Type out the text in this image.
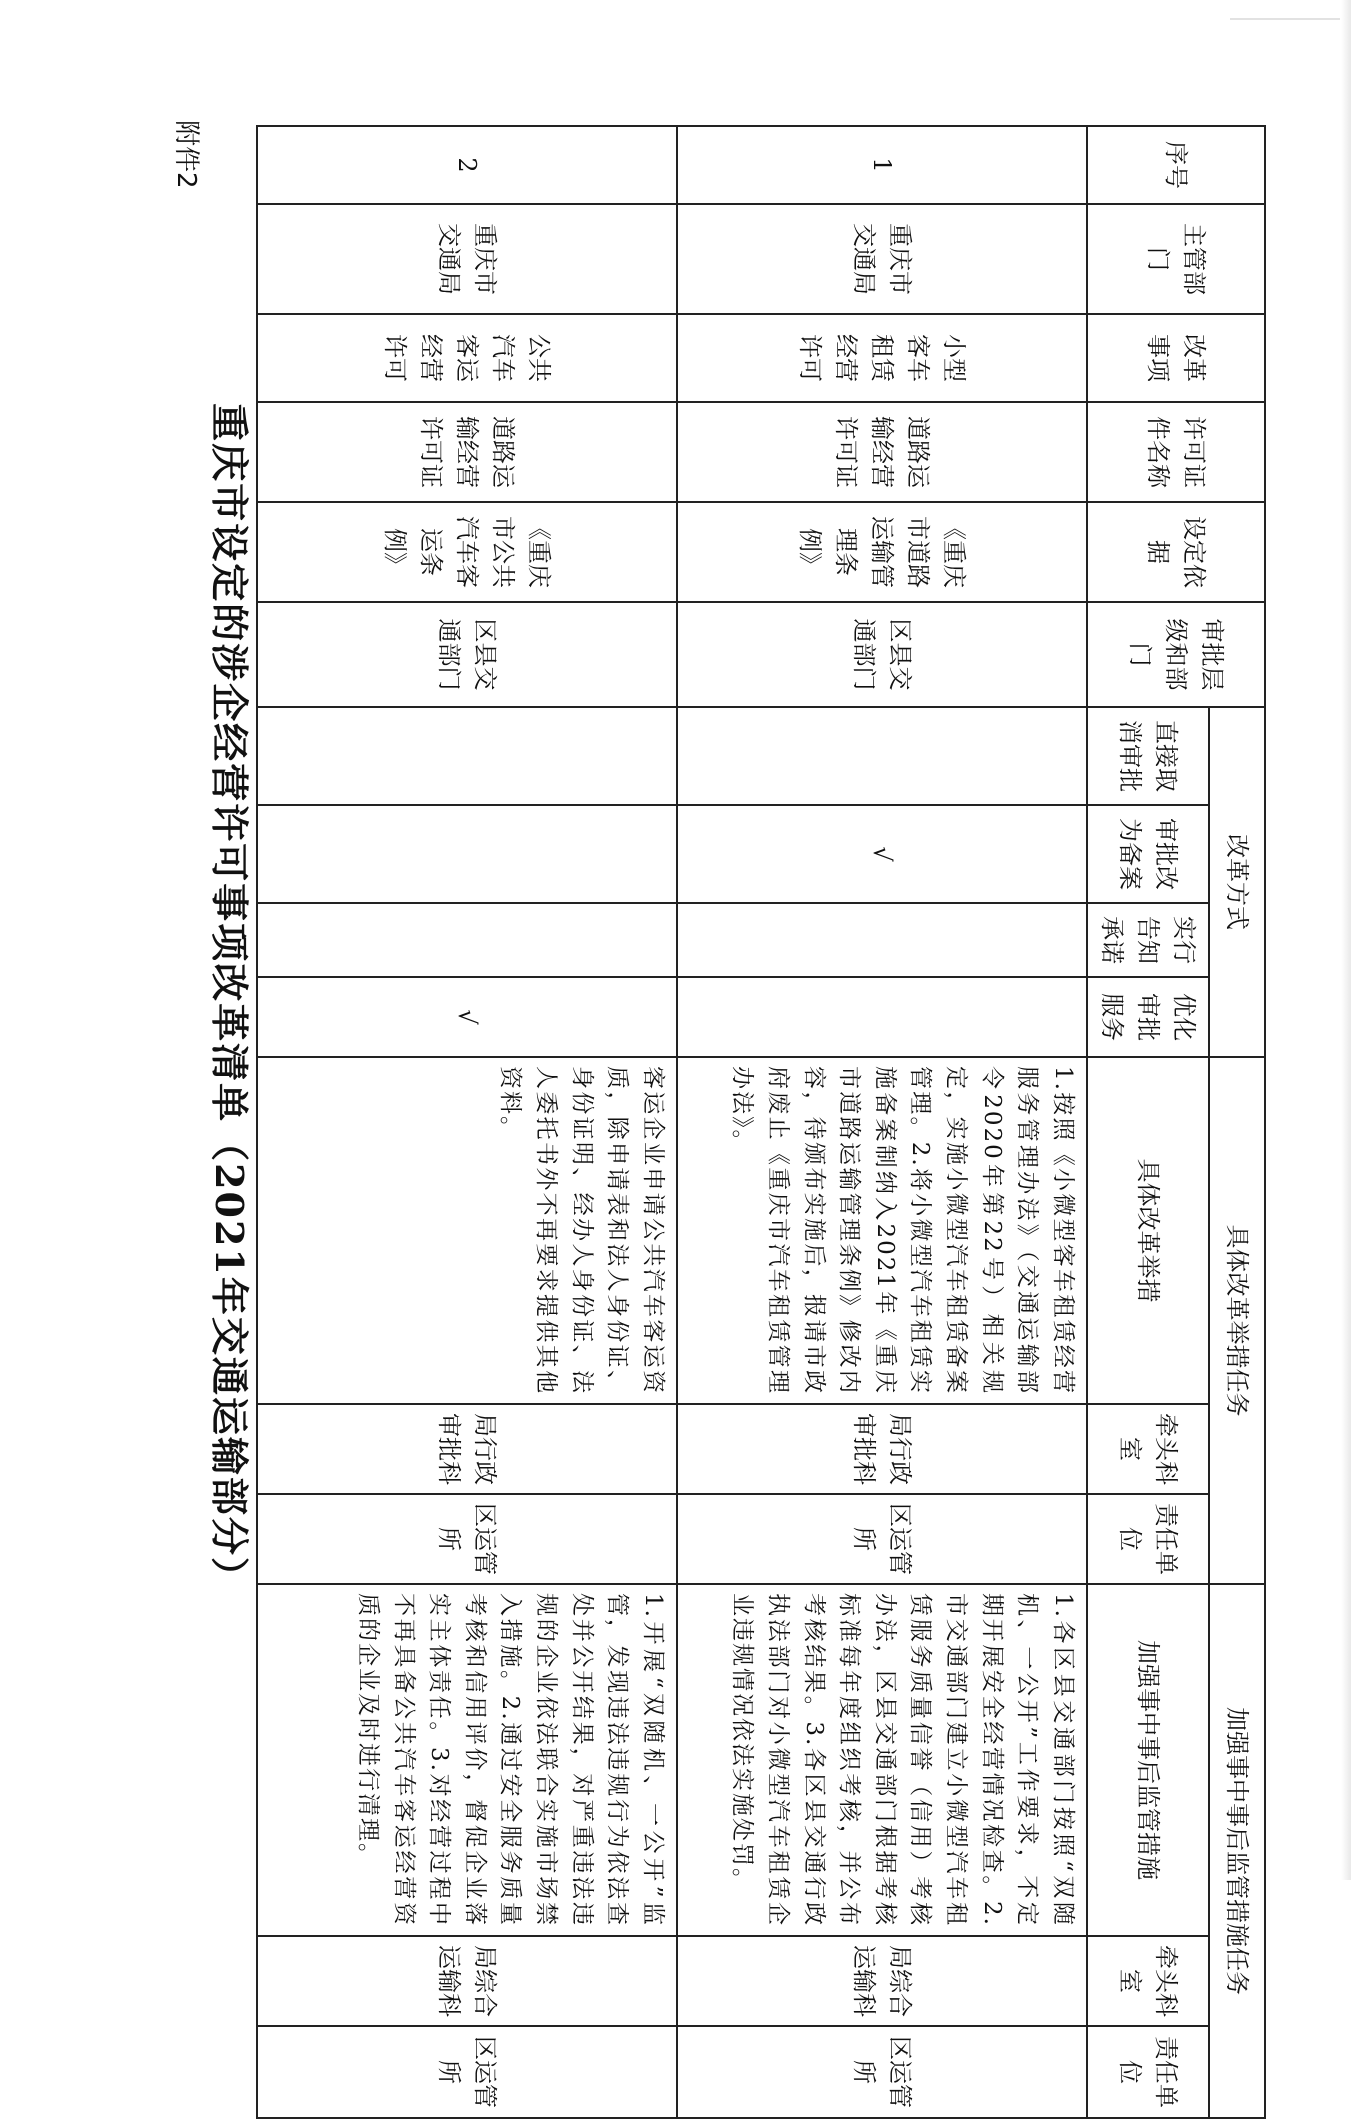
附件2
重庆市设定的涉企经营许可事项改革清单（2021年交通运输部分）
序号	主管部门	改革事项	许可证件名称	设定依据	审批层级和部门	改革方式				具体改革举措任务			加强事中事后监管措施任务		
						直接取消审批	审批改为备案	实行告知承诺	优化审批服务	具体改革举措	牵头科室	责任单位	加强事中事后监管措施	牵头科室	责任单位
1	重庆市交通局	小型客车租赁经营许可	道路运输经营许可证	《重庆市道路运输管理条例》	区县交通部门		√			1.按照《小微型客车租赁经营服务管理办法》（交通运输部令2020年第22号）相关规定，实施小微型汽车租赁备案管理。2.将小微型汽车租赁实施备案制纳入2021年《重庆市道路运输管理条例》修改内容，待颁布实施后，报请市政府废止《重庆市汽车租赁管理办法》。	局行政审批科	区运管所	1.各区县交通部门按照“双随机、一公开”工作要求，不定期开展安全经营情况检查。2.市交通部门建立小微型汽车租赁服务质量信誉（信用）考核办法，区县交通部门根据考核标准每年度组织考核，并公布考核结果。3.各区县交通行政执法部门对小微型汽车租赁企业违规情况依法实施处罚。	局综合运输科	区运管所
2	重庆市交通局	公共汽车客运经营许可	道路运输经营许可证	《重庆市公共汽车客运条例》	区县交通部门				√	客运企业申请公共汽车客运资质，除申请表和法人身份证、身份证明、经办人身份证、法人委托书外不再要求提供其他资料。	局行政审批科	区运管所	1.开展“双随机、一公开”监管，发现违法违规行为依法查处并公开结果，对严重违法违规的企业依法联合实施市场禁入措施。2.通过安全服务质量考核和信用评价，督促企业落实主体责任。3.对经营过程中不再具备公共汽车客运经营资质的企业及时进行清理。	局综合运输科	区运管所
